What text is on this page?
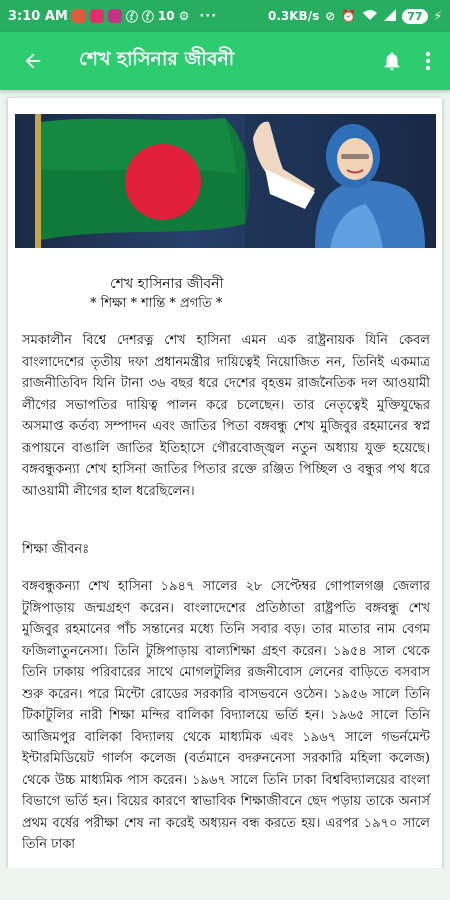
3:10 AM	ⓕ ⓕ 10 ⚙ ···	0.3KB/s ⊘ ⏰	77 ⚡
শেখ হাসিনার জীবনী
শেখ হাসিনার জীবনী
* শিক্ষা * শান্তি * প্রগতি *

সমকালীন বিশ্বে দেশরত্ন শেখ হাসিনা এমন এক রাষ্ট্রনায়ক যিনি কেবল বাংলাদেশের তৃতীয় দফা প্রধানমন্ত্রীর দায়িত্বেই নিয়োজিত নন, তিনিই একমাত্র রাজনীতিবিদ যিনি টানা ৩৬ বছর ধরে দেশের বৃহত্তম রাজনৈতিক দল আওয়ামী লীগের সভাপতির দায়িত্ব পালন করে চলেছেন। তার নেতৃত্বেই মুক্তিযুদ্ধের অসমাপ্ত কর্তব্য সম্পাদন এবং জাতির পিতা বঙ্গবন্ধু শেখ মুজিবুর রহমানের স্বপ্ন রূপায়নে বাঙালি জাতির ইতিহাসে গৌরবোজ্জ্বল নতুন অধ্যায় যুক্ত হয়েছে। বঙ্গবন্ধুকন্যা শেখ হাসিনা জাতির পিতার রক্তে রঞ্জিত পিচ্ছিল ও বন্ধুর পথ ধরে আওয়ামী লীগের হাল ধরেছিলেন।

শিক্ষা জীবনঃ

বঙ্গবন্ধুকন্যা শেখ হাসিনা ১৯৪৭ সালের ২৮ সেপ্টেম্বর গোপালগঞ্জ জেলার টুঙ্গিপাড়ায় জন্মগ্রহণ করেন। বাংলাদেশের প্রতিষ্ঠাতা রাষ্ট্রপতি বঙ্গবন্ধু শেখ মুজিবুর রহমানের পাঁচ সন্তানের মধ্যে তিনি সবার বড়। তার মাতার নাম বেগম ফজিলাতুননেসা। তিনি টুঙ্গিপাড়ায় বাল্যশিক্ষা গ্রহণ করেন। ১৯৫৪ সাল থেকে তিনি ঢাকায় পরিবারের সাথে মোগলটুলির রজনীবোস লেনের বাড়িতে বসবাস শুরু করেন। পরে মিন্টো রোডের সরকারি বাসভবনে ওঠেন। ১৯৫৬ সালে তিনি টিকাটুলির নারী শিক্ষা মন্দির বালিকা বিদ্যালয়ে ভর্তি হন। ১৯৬৫ সালে তিনি আজিমপুর বালিকা বিদ্যালয় থেকে মাধ্যমিক এবং ১৯৬৭ সালে গভর্নমেন্ট ইন্টারমিডিয়েট গার্লস কলেজ (বর্তমানে বদরুননেসা সরকারি মহিলা কলেজ) থেকে উচ্চ মাধ্যমিক পাস করেন। ১৯৬৭ সালে তিনি ঢাকা বিশ্ববিদ্যালয়ের বাংলা বিভাগে ভর্তি হন। বিয়ের কারণে স্বাভাবিক শিক্ষাজীবনে ছেদ পড়ায় তাকে অনার্স প্রথম বর্ষের পরীক্ষা শেষ না করেই অধ্যয়ন বন্ধ করতে হয়। এরপর ১৯৭০ সালে তিনি ঢাকা
